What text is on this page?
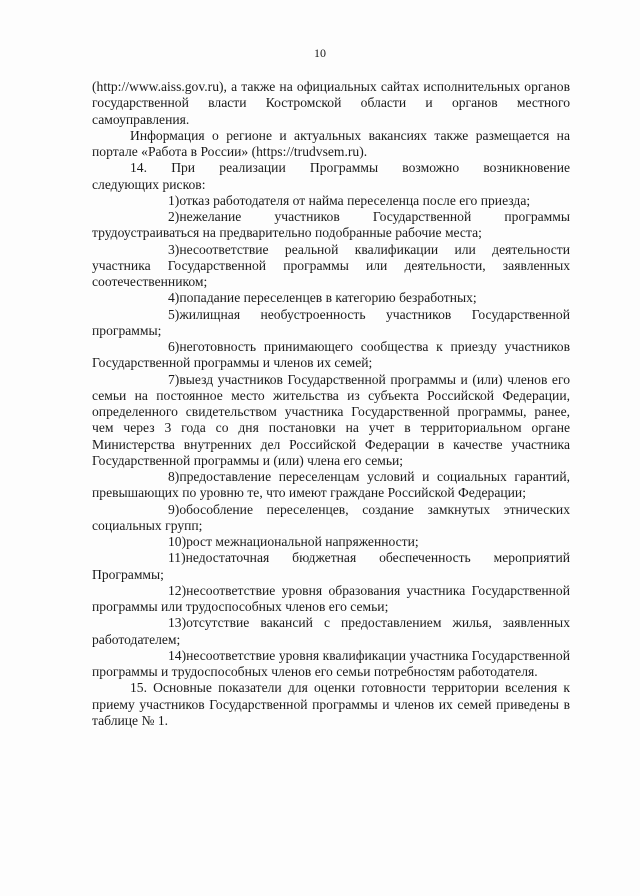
10

(http://www.aiss.gov.ru), а также на официальных сайтах исполнительных органов государственной власти Костромской области и органов местного самоуправления.

Информация о регионе и актуальных вакансиях также размещается на портале «Работа в России» (https://trudvsem.ru).

14.    При    реализации    Программы    возможно    возникновение следующих рисков:

1)отказ работодателя от найма переселенца после его приезда;

2)нежелание участников Государственной программы трудоустраиваться на предварительно подобранные рабочие места;

3)несоответствие реальной квалификации или деятельности участника Государственной программы или деятельности, заявленных соотечественником;

4)попадание переселенцев в категорию безработных;

5)жилищная необустроенность участников Государственной программы;

6)неготовность принимающего сообщества к приезду участников Государственной программы и членов их семей;

7)выезд участников Государственной программы и (или) членов его семьи на постоянное место жительства из субъекта Российской Федерации, определенного свидетельством участника Государственной программы, ранее, чем через 3 года со дня постановки на учет в территориальном органе Министерства внутренних дел Российской Федерации в качестве участника Государственной программы и (или) члена его семьи;

8)предоставление переселенцам условий и социальных гарантий, превышающих по уровню те, что имеют граждане Российской Федерации;

9)обособление переселенцев, создание замкнутых этнических социальных групп;

10)рост межнациональной напряженности;

11)недостаточная бюджетная обеспеченность мероприятий Программы;

12)несоответствие уровня образования участника Государственной программы или трудоспособных членов его семьи;

13)отсутствие вакансий с предоставлением жилья, заявленных работодателем;

14)несоответствие уровня квалификации участника Государственной программы и трудоспособных членов его семьи потребностям работодателя.

15. Основные показатели для оценки готовности территории вселения к приему участников Государственной программы и членов их семей приведены в таблице № 1.
